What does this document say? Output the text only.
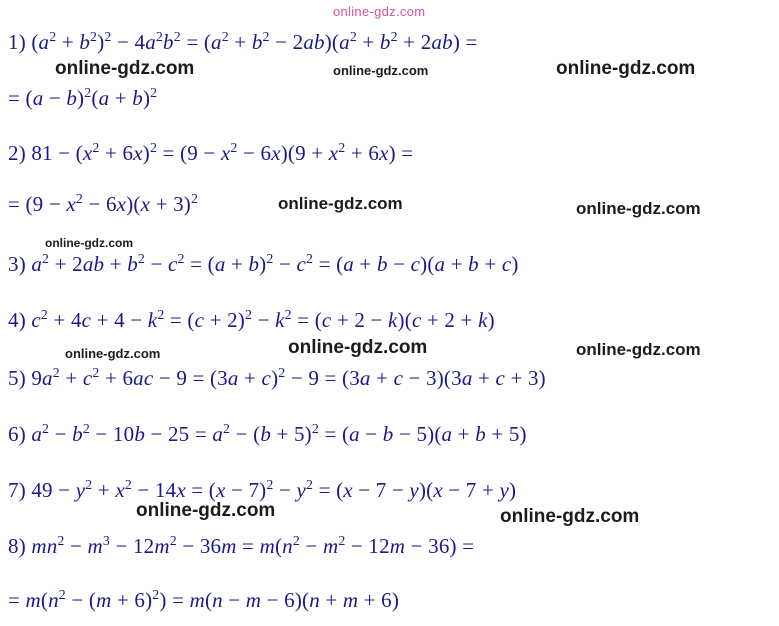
online-gdz.com
online-gdz.com	online-gdz.com	online-gdz.com
online-gdz.com	online-gdz.com
online-gdz.com
online-gdz.com	online-gdz.com	online-gdz.com
online-gdz.com	online-gdz.com
1) $(a^2 + b^2)^2 - 4a^2b^2 = (a^2 + b^2 - 2ab)(a^2 + b^2 + 2ab)$ =
= $(a - b)^2(a + b)^2$
2) $81 - (x^2 + 6x)^2 = (9 - x^2 - 6x)(9 + x^2 + 6x)$ =
= $(9 - x^2 - 6x)(x + 3)^2$
3) $a^2 + 2ab + b^2 - c^2 = (a + b)^2 - c^2 = (a + b - c)(a + b + c)$
4) $c^2 + 4c + 4 - k^2 = (c + 2)^2 - k^2 = (c + 2 - k)(c + 2 + k)$
5) $9a^2 + c^2 + 6ac - 9 = (3a + c)^2 - 9 = (3a + c - 3)(3a + c + 3)$
6) $a^2 - b^2 - 10b - 25 = a^2 - (b + 5)^2 = (a - b - 5)(a + b + 5)$
7) $49 - y^2 + x^2 - 14x = (x - 7)^2 - y^2 = (x - 7 - y)(x - 7 + y)$
8) $mn^2 - m^3 - 12m^2 - 36m = m(n^2 - m^2 - 12m - 36)$ =
= $m(n^2 - (m + 6)^2) = m(n - m - 6)(n + m + 6)$
